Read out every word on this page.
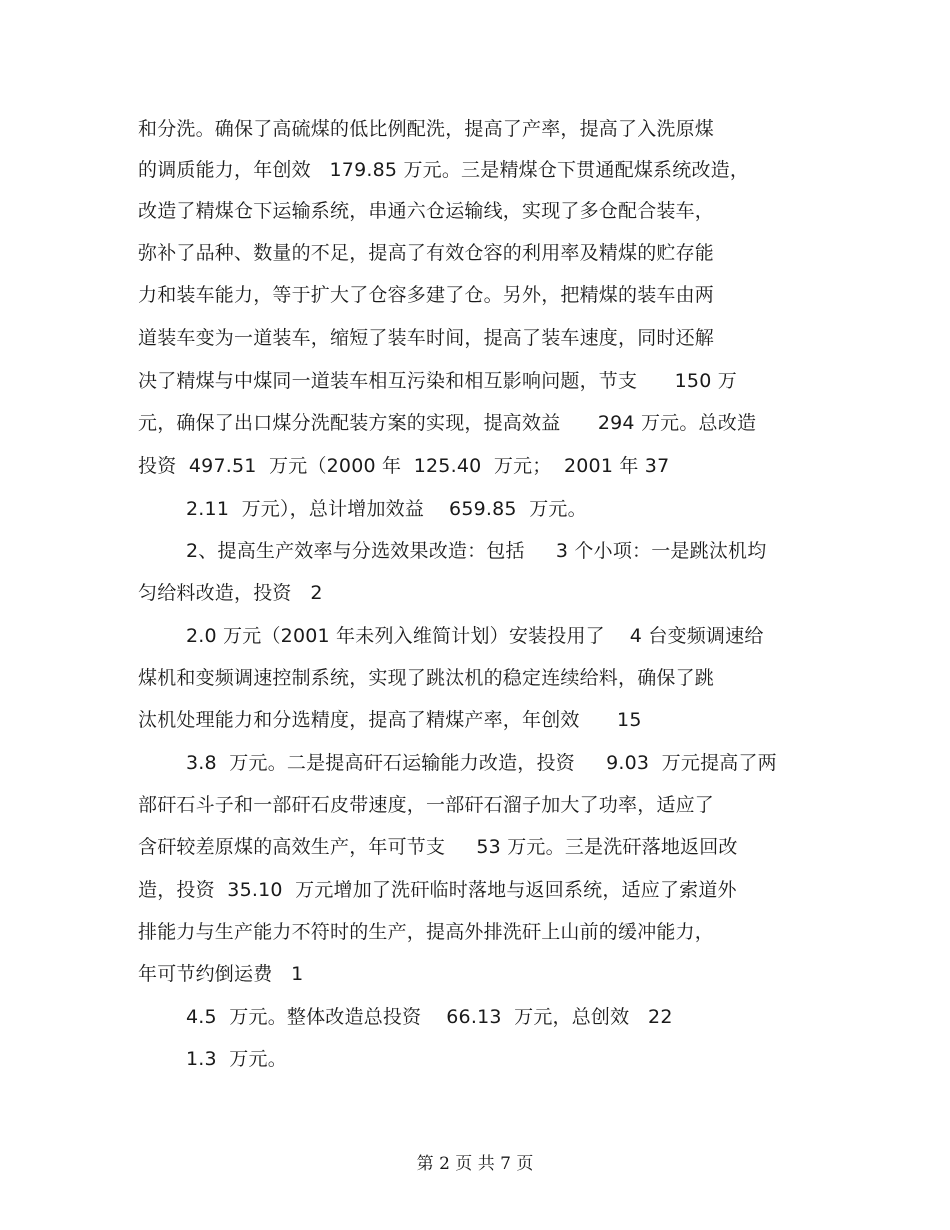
和分洗。确保了高硫煤的低比例配洗，提高了产率，提高了入洗原煤
的调质能力，年创效   179.85 万元。三是精煤仓下贯通配煤系统改造，
改造了精煤仓下运输系统，串通六仓运输线，实现了多仓配合装车，
弥补了品种、数量的不足，提高了有效仓容的利用率及精煤的贮存能
力和装车能力，等于扩大了仓容多建了仓。另外，把精煤的装车由两
道装车变为一道装车，缩短了装车时间，提高了装车速度，同时还解
决了精煤与中煤同一道装车相互污染和相互影响问题，节支      150 万
元，确保了出口煤分洗配装方案的实现，提高效益      294 万元。总改造
投资  497.51  万元（2000 年  125.40  万元；  2001 年 37
2.11  万元），总计增加效益    659.85  万元。
2、提高生产效率与分选效果改造：包括     3 个小项：一是跳汰机均
匀给料改造，投资   2
2.0 万元（2001 年未列入维简计划）安装投用了    4 台变频调速给
煤机和变频调速控制系统，实现了跳汰机的稳定连续给料，确保了跳
汰机处理能力和分选精度，提高了精煤产率，年创效      15
3.8  万元。二是提高矸石运输能力改造，投资     9.03  万元提高了两
部矸石斗子和一部矸石皮带速度，一部矸石溜子加大了功率，适应了
含矸较差原煤的高效生产，年可节支     53 万元。三是洗矸落地返回改
造，投资  35.10  万元增加了洗矸临时落地与返回系统，适应了索道外
排能力与生产能力不符时的生产，提高外排洗矸上山前的缓冲能力，
年可节约倒运费   1
4.5  万元。整体改造总投资    66.13  万元，总创效   22
1.3  万元。
第 2 页 共 7 页
